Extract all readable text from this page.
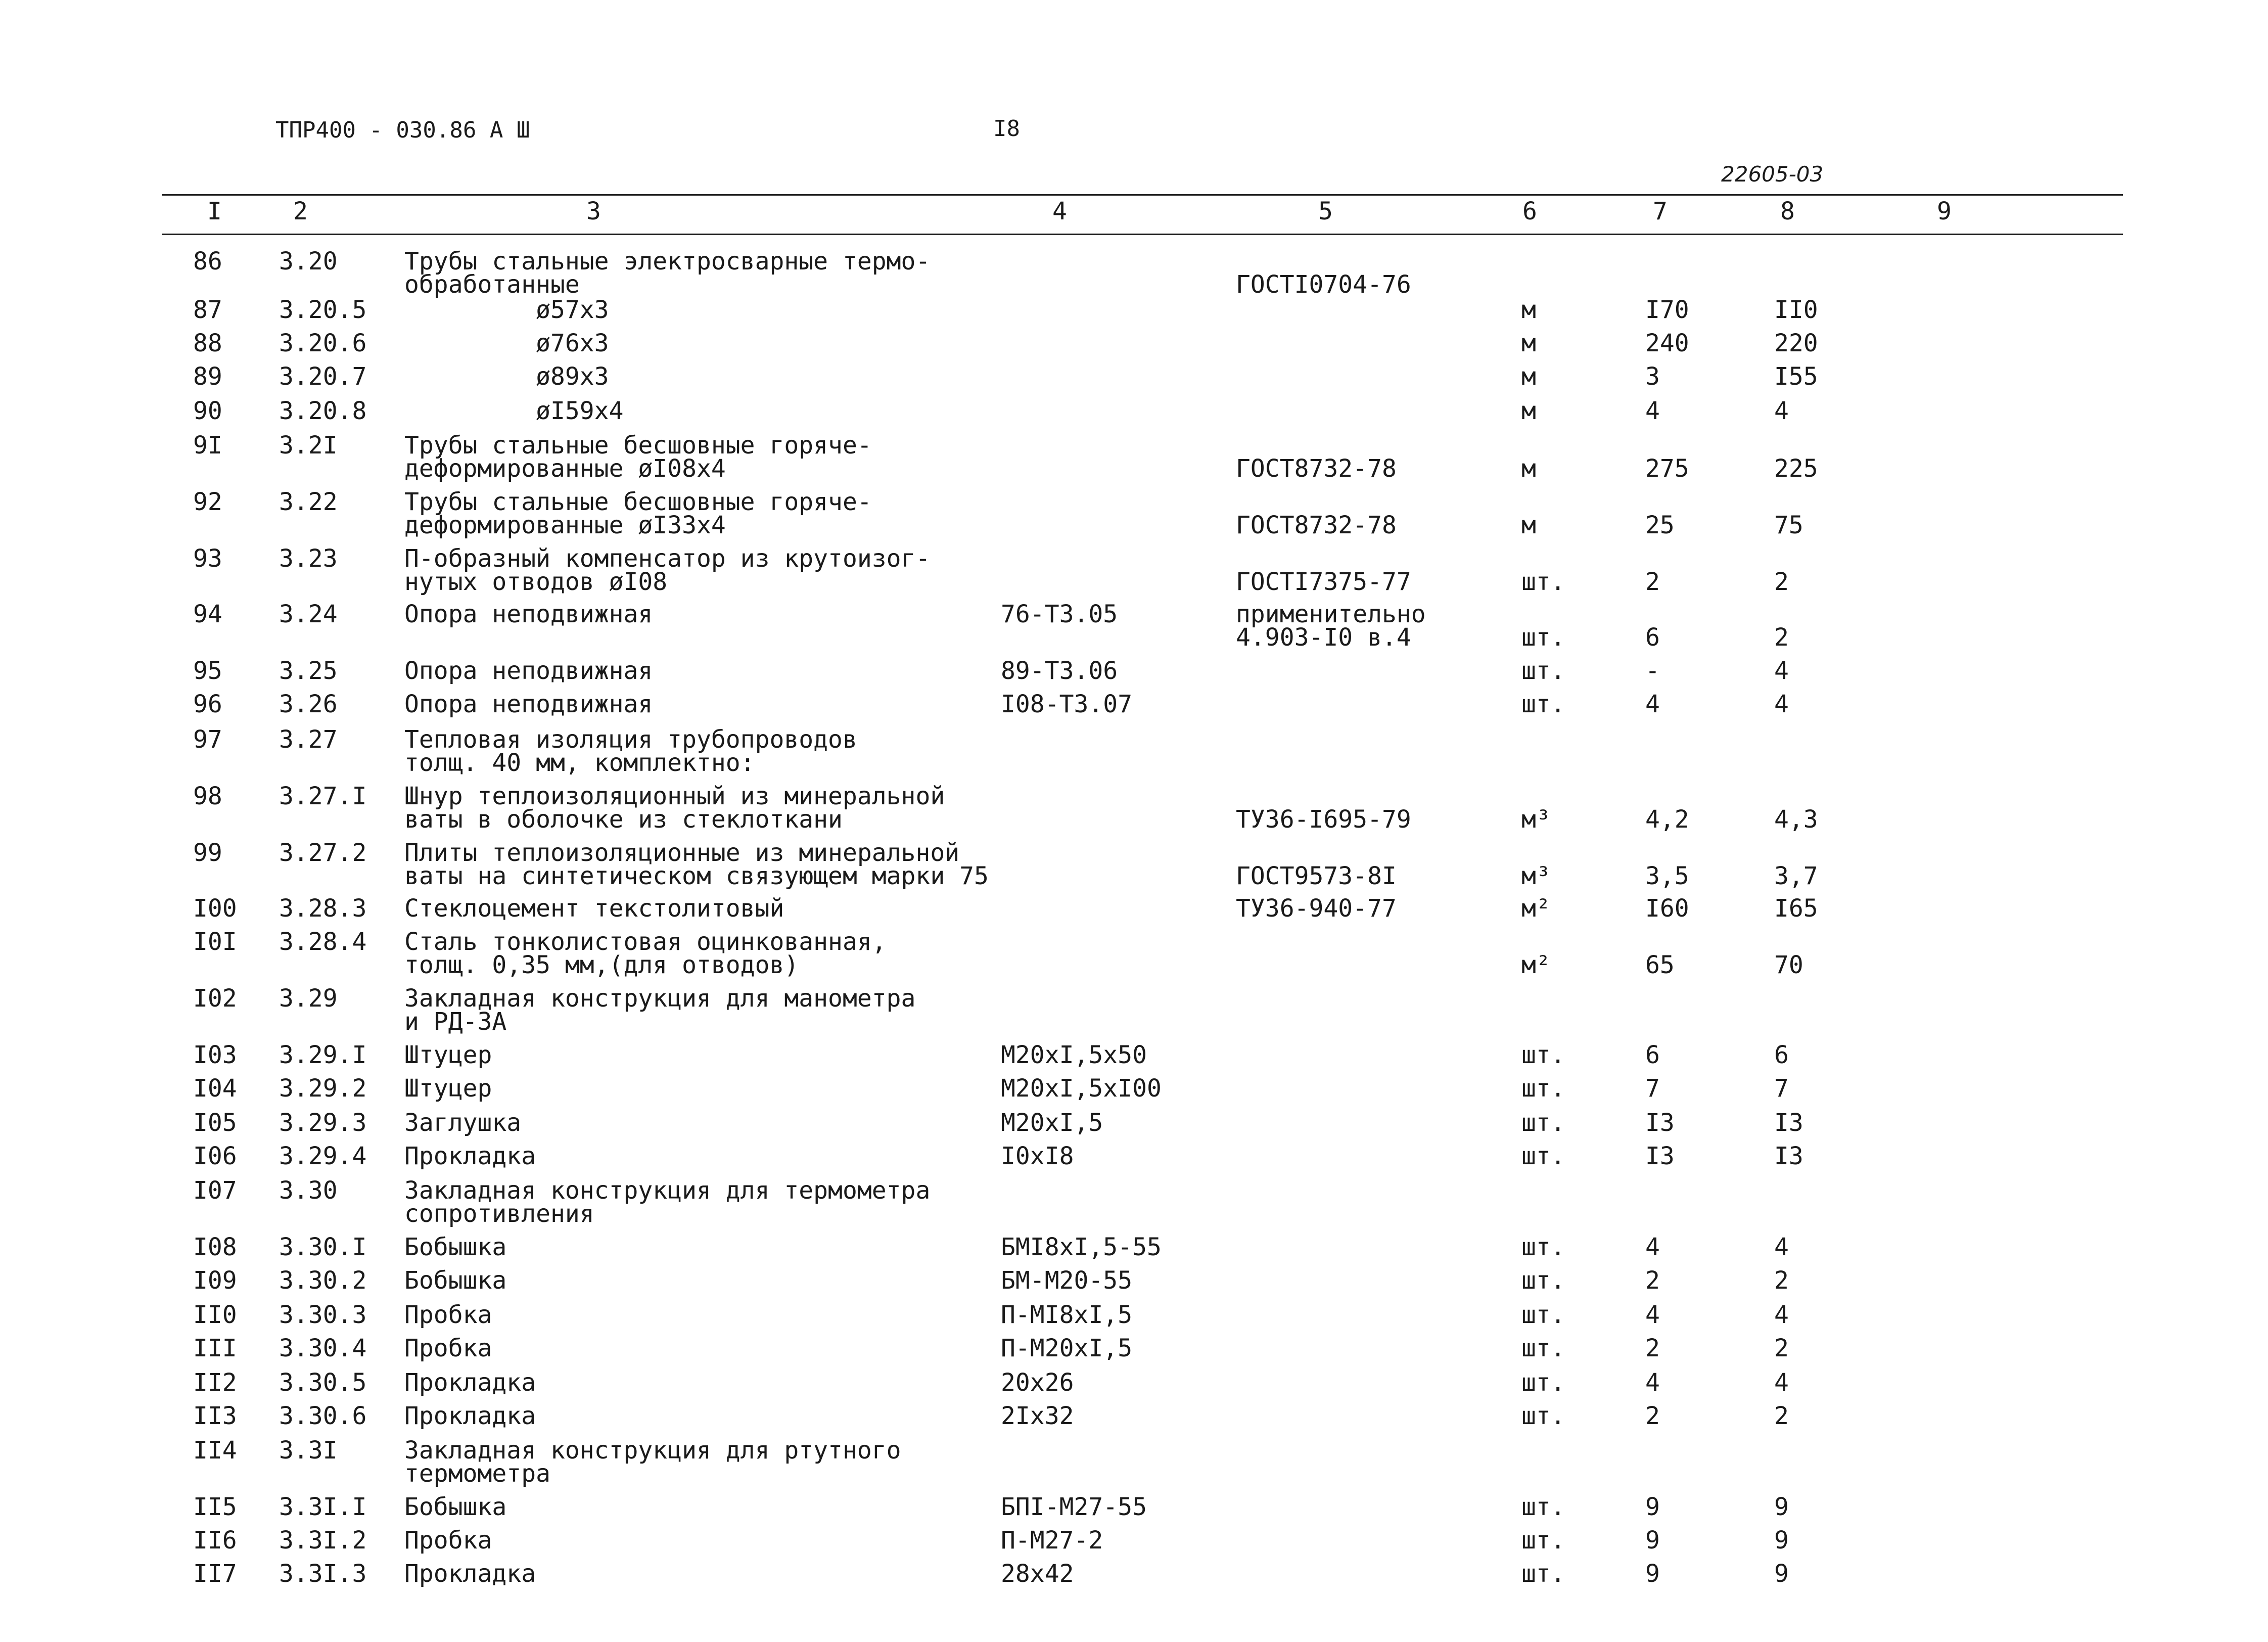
ТПР400 - 030.86 А Ш	I8
22605-03
I	2	3	4	5	6	7	8	9
86 3.20	Трубы стальные электросварные термо-
обработанные	ГОСТI0704-76
87 3.20.5 ø57x3	м	I70	II0
88 3.20.6 ø76x3	м	240	220
89 3.20.7 ø89x3	м	3	I55
90 3.20.8 øI59x4	м	4	4
9I 3.2I	Трубы стальные бесшовные горяче-
деформированные øI08x4	ГОСТ8732-78	м	275	225
92 3.22	Трубы стальные бесшовные горяче-
деформированные øI33x4	ГОСТ8732-78	м	25	75
93 3.23	П-образный компенсатор из крутоизог-
нутых отводов øI08	ГОСТI7375-77	шт.	2	2
94 3.24	Опора неподвижная	76-Т3.05	применительно
4.903-I0 в.4	шт.	6	2
95 3.25	Опора неподвижная	89-Т3.06	шт.	-	4
96 3.26	Опора неподвижная	I08-Т3.07	шт.	4	4
97 3.27	Тепловая изоляция трубопроводов
толщ. 40 мм, комплектно:
98 3.27.I Шнур теплоизоляционный из минеральной
ваты в оболочке из стеклоткани	ТУ36-I695-79	м³	4,2	4,3
99 3.27.2 Плиты теплоизоляционные из минеральной
ваты на синтетическом связующем марки 75	ГОСТ9573-8I	м³	3,5	3,7
I00 3.28.3 Стеклоцемент текстолитовый	ТУ36-940-77	м²	I60	I65
I0I 3.28.4 Сталь тонколистовая оцинкованная,
толщ. 0,35 мм,(для отводов)	м²	65	70
I02 3.29	Закладная конструкция для манометра
и РД-3А
I03 3.29.I Штуцер	М20xI,5x50	шт.	6	6
I04 3.29.2 Штуцер	М20xI,5xI00	шт.	7	7
I05 3.29.3 Заглушка	М20xI,5	шт.	I3	I3
I06 3.29.4 Прокладка	I0xI8	шт.	I3	I3
I07 3.30	Закладная конструкция для термометра
сопротивления
I08 3.30.I Бобышка	БМI8xI,5-55	шт.	4	4
I09 3.30.2 Бобышка	БМ-М20-55	шт.	2	2
II0 3.30.3 Пробка	П-МI8xI,5	шт.	4	4
III 3.30.4 Пробка	П-М20xI,5	шт.	2	2
II2 3.30.5 Прокладка	20x26	шт.	4	4
II3 3.30.6 Прокладка	2Ix32	шт.	2	2
II4 3.3I	Закладная конструкция для ртутного
термометра
II5 3.3I.I Бобышка	БПI-М27-55	шт.	9	9
II6 3.3I.2 Пробка	П-М27-2	шт.	9	9
II7 3.3I.3 Прокладка	28x42	шт.	9	9
